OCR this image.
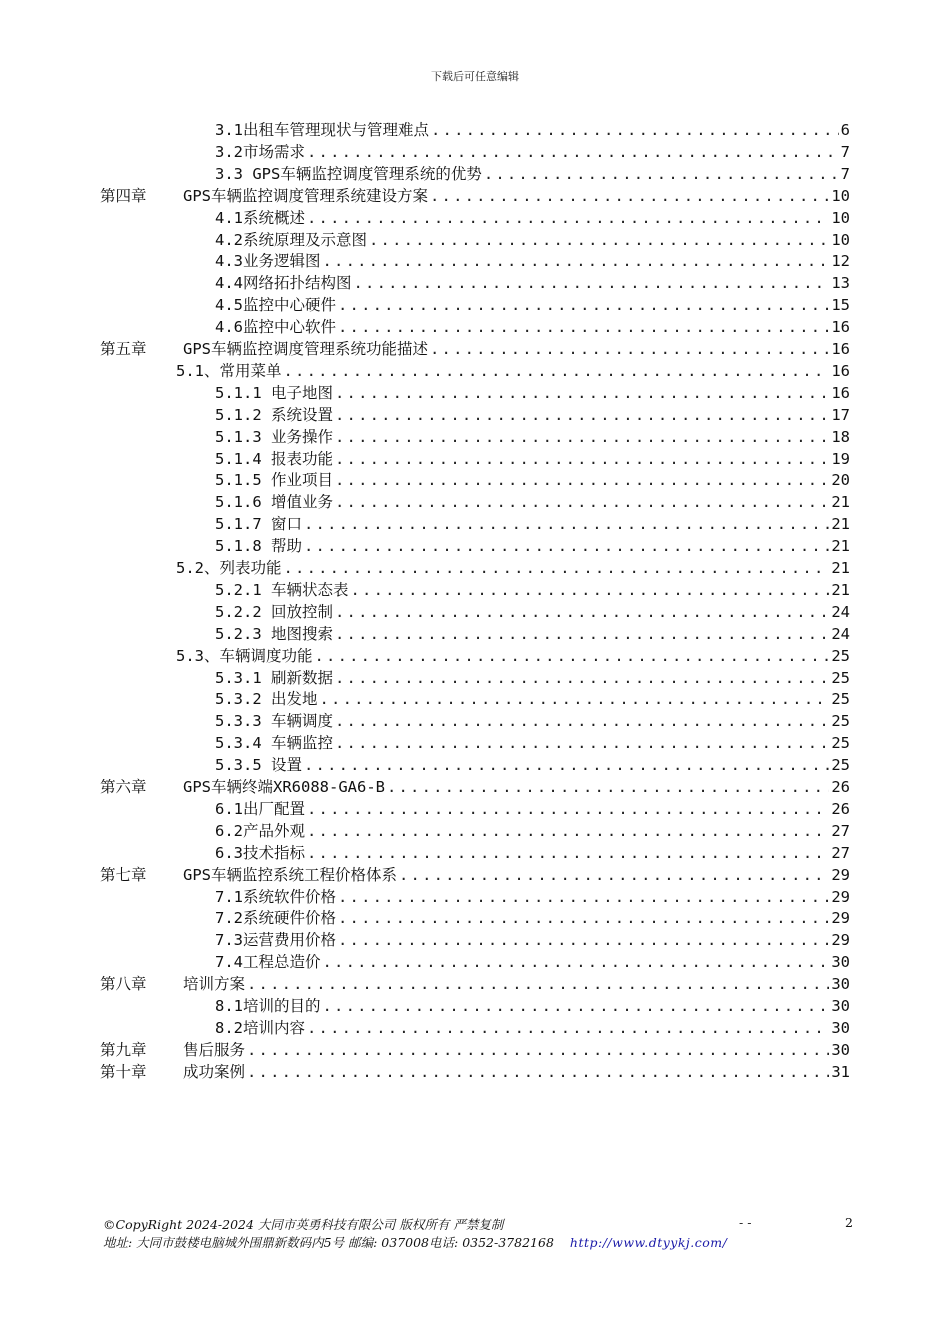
下载后可任意编辑
3.1出租车管理现状与管理难点 .....	6
3.2市场需求 .....	7
3.3 GPS车辆监控调度管理系统的优势 .....	7
第四章 GPS车辆监控调度管理系统建设方案 .....	10
4.1系统概述 .....	10
4.2系统原理及示意图 .....	10
4.3业务逻辑图 .....	12
4.4网络拓扑结构图 .....	13
4.5监控中心硬件 .....	15
4.6监控中心软件 .....	16
第五章 GPS车辆监控调度管理系统功能描述 .....	16
5.1、常用菜单 .....	16
5.1.1 电子地图 .....	16
5.1.2 系统设置 .....	17
5.1.3 业务操作 .....	18
5.1.4 报表功能 .....	19
5.1.5 作业项目 .....	20
5.1.6 增值业务 .....	21
5.1.7 窗口 .....	21
5.1.8 帮助 .....	21
5.2、列表功能 .....	21
5.2.1 车辆状态表 .....	21
5.2.2 回放控制 .....	24
5.2.3 地图搜索 .....	24
5.3、车辆调度功能 .....	25
5.3.1 刷新数据 .....	25
5.3.2 出发地 .....	25
5.3.3 车辆调度 .....	25
5.3.4 车辆监控 .....	25
5.3.5 设置 .....	25
第六章 GPS车辆终端XR6088-GA6-B .....	26
6.1出厂配置 .....	26
6.2产品外观 .....	27
6.3技术指标 .....	27
第七章 GPS车辆监控系统工程价格体系 .....	29
7.1系统软件价格 .....	29
7.2系统硬件价格 .....	29
7.3运营费用价格 .....	29
7.4工程总造价 .....	30
第八章 培训方案 .....	30
8.1培训的目的 .....	30
8.2培训内容 .....	30
第九章 售后服务 .....	30
第十章 成功案例 .....	31
©CopyRight 2024-2024 大同市英勇科技有限公司 版权所有 严禁复制	- -	2
地址: 大同市鼓楼电脑城外围鼎新数码内5号 邮编: 037008电话: 0352-3782168 http://www.dtyykj.com/
